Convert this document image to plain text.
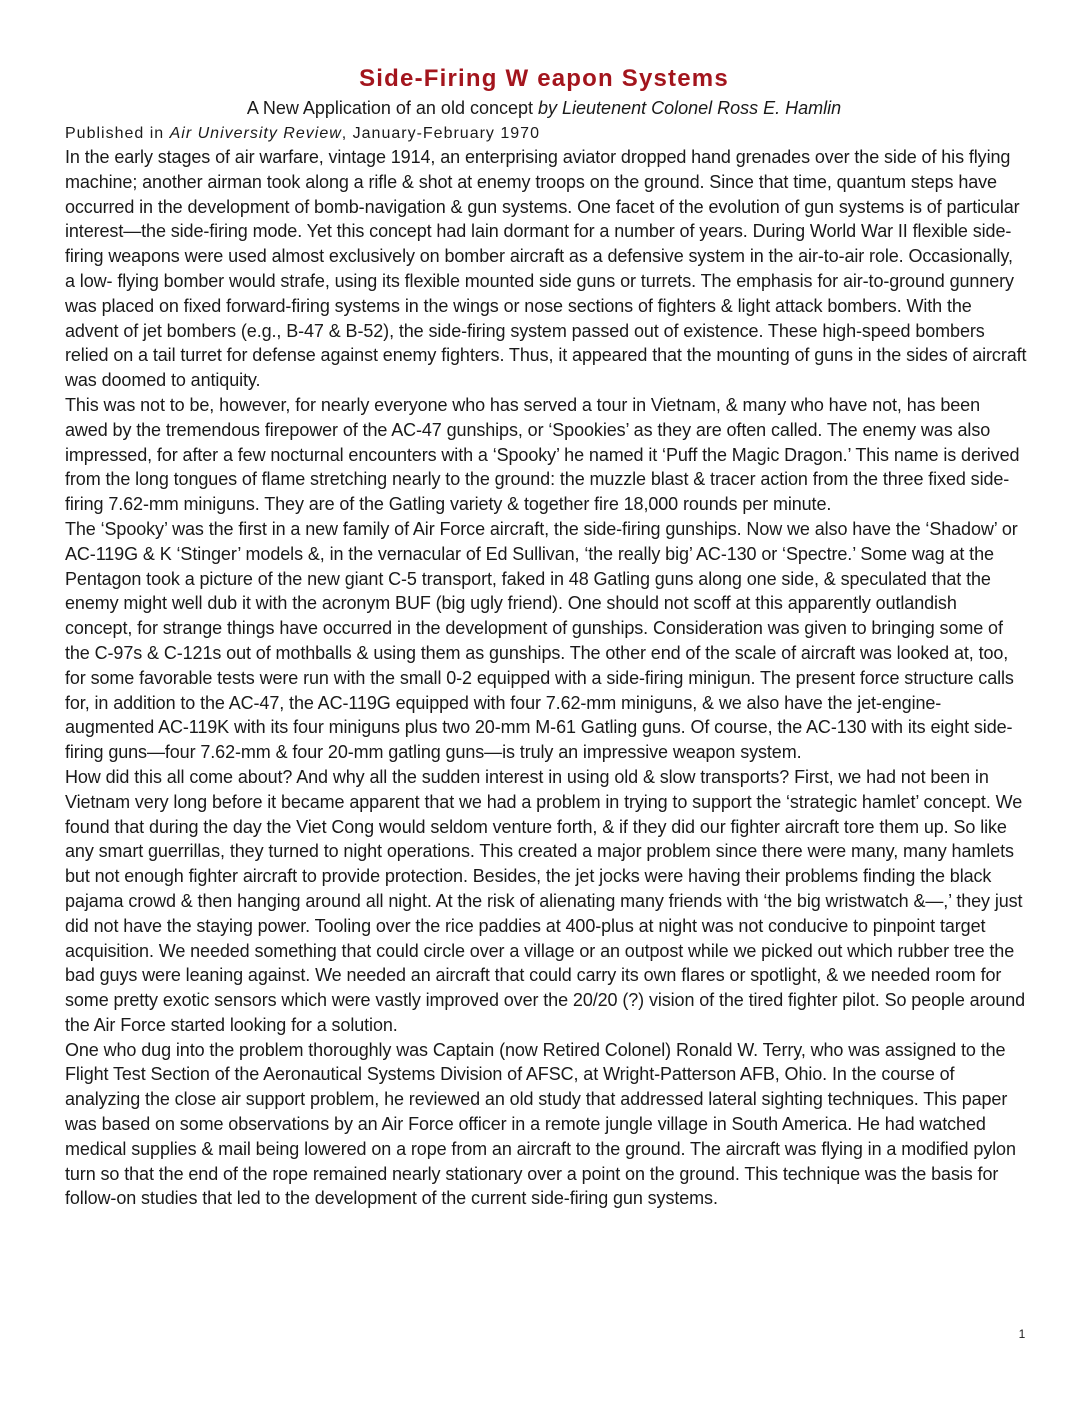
Side-Firing W eapon Systems
A New Application of an old concept by Lieutenent Colonel Ross E. Hamlin
Published in Air University Review, January-February 1970

In the early stages of air warfare, vintage 1914, an enterprising aviator dropped hand grenades over the side of his flying machine; another airman took along a rifle & shot at enemy troops on the ground. Since that time, quantum steps have occurred in the development of bomb-navigation & gun systems. One facet of the evolution of gun systems is of particular interest—the side-firing mode. Yet this concept had lain dormant for a number of years. During World War II flexible side-firing weapons were used almost exclusively on bomber aircraft as a defensive system in the air-to-air role. Occasionally, a low- flying bomber would strafe, using its flexible mounted side guns or turrets. The emphasis for air-to-ground gunnery was placed on fixed forward-firing systems in the wings or nose sections of fighters & light attack bombers. With the advent of jet bombers (e.g., B-47 & B-52), the side-firing system passed out of existence. These high-speed bombers relied on a tail turret for defense against enemy fighters. Thus, it appeared that the mounting of guns in the sides of aircraft was doomed to antiquity.

This was not to be, however, for nearly everyone who has served a tour in Vietnam, & many who have not, has been awed by the tremendous firepower of the AC-47 gunships, or ‘Spookies’ as they are often called. The enemy was also impressed, for after a few nocturnal encounters with a ‘Spooky’ he named it ‘Puff the Magic Dragon.’ This name is derived from the long tongues of flame stretching nearly to the ground: the muzzle blast & tracer action from the three fixed side-firing 7.62-mm miniguns. They are of the Gatling variety & together fire 18,000 rounds per minute.

The ‘Spooky’ was the first in a new family of Air Force aircraft, the side-firing gunships. Now we also have the ‘Shadow’ or AC-119G & K ‘Stinger’ models &, in the vernacular of Ed Sullivan, ‘the really big’ AC-130 or ‘Spectre.’ Some wag at the Pentagon took a picture of the new giant C-5 transport, faked in 48 Gatling guns along one side, & speculated that the enemy might well dub it with the acronym BUF (big ugly friend). One should not scoff at this apparently outlandish concept, for strange things have occurred in the development of gunships. Consideration was given to bringing some of the C-97s & C-121s out of mothballs & using them as gunships. The other end of the scale of aircraft was looked at, too, for some favorable tests were run with the small 0-2 equipped with a side-firing minigun. The present force structure calls for, in addition to the AC-47, the AC-119G equipped with four 7.62-mm miniguns, & we also have the jet-engine-augmented AC-119K with its four miniguns plus two 20-mm M-61 Gatling guns. Of course, the AC-130 with its eight side-firing guns—four 7.62-mm & four 20-mm gatling guns—is truly an impressive weapon system.

How did this all come about? And why all the sudden interest in using old & slow transports? First, we had not been in Vietnam very long before it became apparent that we had a problem in trying to support the ‘strategic hamlet’ concept. We found that during the day the Viet Cong would seldom venture forth, & if they did our fighter aircraft tore them up. So like any smart guerrillas, they turned to night operations. This created a major problem since there were many, many hamlets but not enough fighter aircraft to provide protection. Besides, the jet jocks were having their problems finding the black pajama crowd & then hanging around all night. At the risk of alienating many friends with ‘the big wristwatch &—,’ they just did not have the staying power. Tooling over the rice paddies at 400-plus at night was not conducive to pinpoint target acquisition. We needed something that could circle over a village or an outpost while we picked out which rubber tree the bad guys were leaning against. We needed an aircraft that could carry its own flares or spotlight, & we needed room for some pretty exotic sensors which were vastly improved over the 20/20 (?) vision of the tired fighter pilot. So people around the Air Force started looking for a solution.

One who dug into the problem thoroughly was Captain (now Retired Colonel) Ronald W. Terry, who was assigned to the Flight Test Section of the Aeronautical Systems Division of AFSC, at Wright-Patterson AFB, Ohio. In the course of analyzing the close air support problem, he reviewed an old study that addressed lateral sighting techniques. This paper was based on some observations by an Air Force officer in a remote jungle village in South America. He had watched medical supplies & mail being lowered on a rope from an aircraft to the ground. The aircraft was flying in a modified pylon turn so that the end of the rope remained nearly stationary over a point on the ground. This technique was the basis for follow-on studies that led to the development of the current side-firing gun systems.

1
